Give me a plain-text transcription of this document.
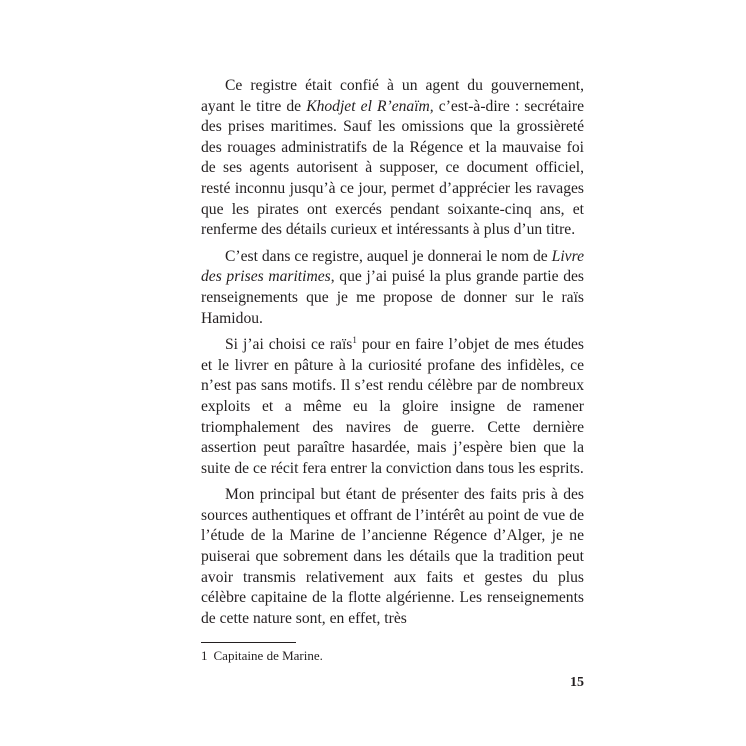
Ce registre était confié à un agent du gouvernement, ayant le titre de Khodjet el R’enaïm, c’est-à-dire : secrétaire des prises maritimes. Sauf les omissions que la grossièreté des rouages administratifs de la Régence et la mauvaise foi de ses agents autorisent à supposer, ce document officiel, resté inconnu jusqu’à ce jour, permet d’apprécier les ravages que les pirates ont exercés pendant soixante-cinq ans, et renferme des détails curieux et intéressants à plus d’un titre.

C’est dans ce registre, auquel je donnerai le nom de Livre des prises maritimes, que j’ai puisé la plus grande partie des renseignements que je me propose de donner sur le raïs Hamidou.

Si j’ai choisi ce raïs$^1$ pour en faire l’objet de mes études et le livrer en pâture à la curiosité profane des infidèles, ce n’est pas sans motifs. Il s’est rendu célèbre par de nombreux exploits et a même eu la gloire insigne de ramener triomphalement des navires de guerre. Cette dernière assertion peut paraître hasardée, mais j’espère bien que la suite de ce récit fera entrer la conviction dans tous les esprits.

Mon principal but étant de présenter des faits pris à des sources authentiques et offrant de l’intérêt au point de vue de l’étude de la Marine de l’ancienne Régence d’Alger, je ne puiserai que sobrement dans les détails que la tradition peut avoir transmis relativement aux faits et gestes du plus célèbre capitaine de la flotte algérienne. Les renseignements de cette nature sont, en effet, très

1 Capitaine de Marine.
15
